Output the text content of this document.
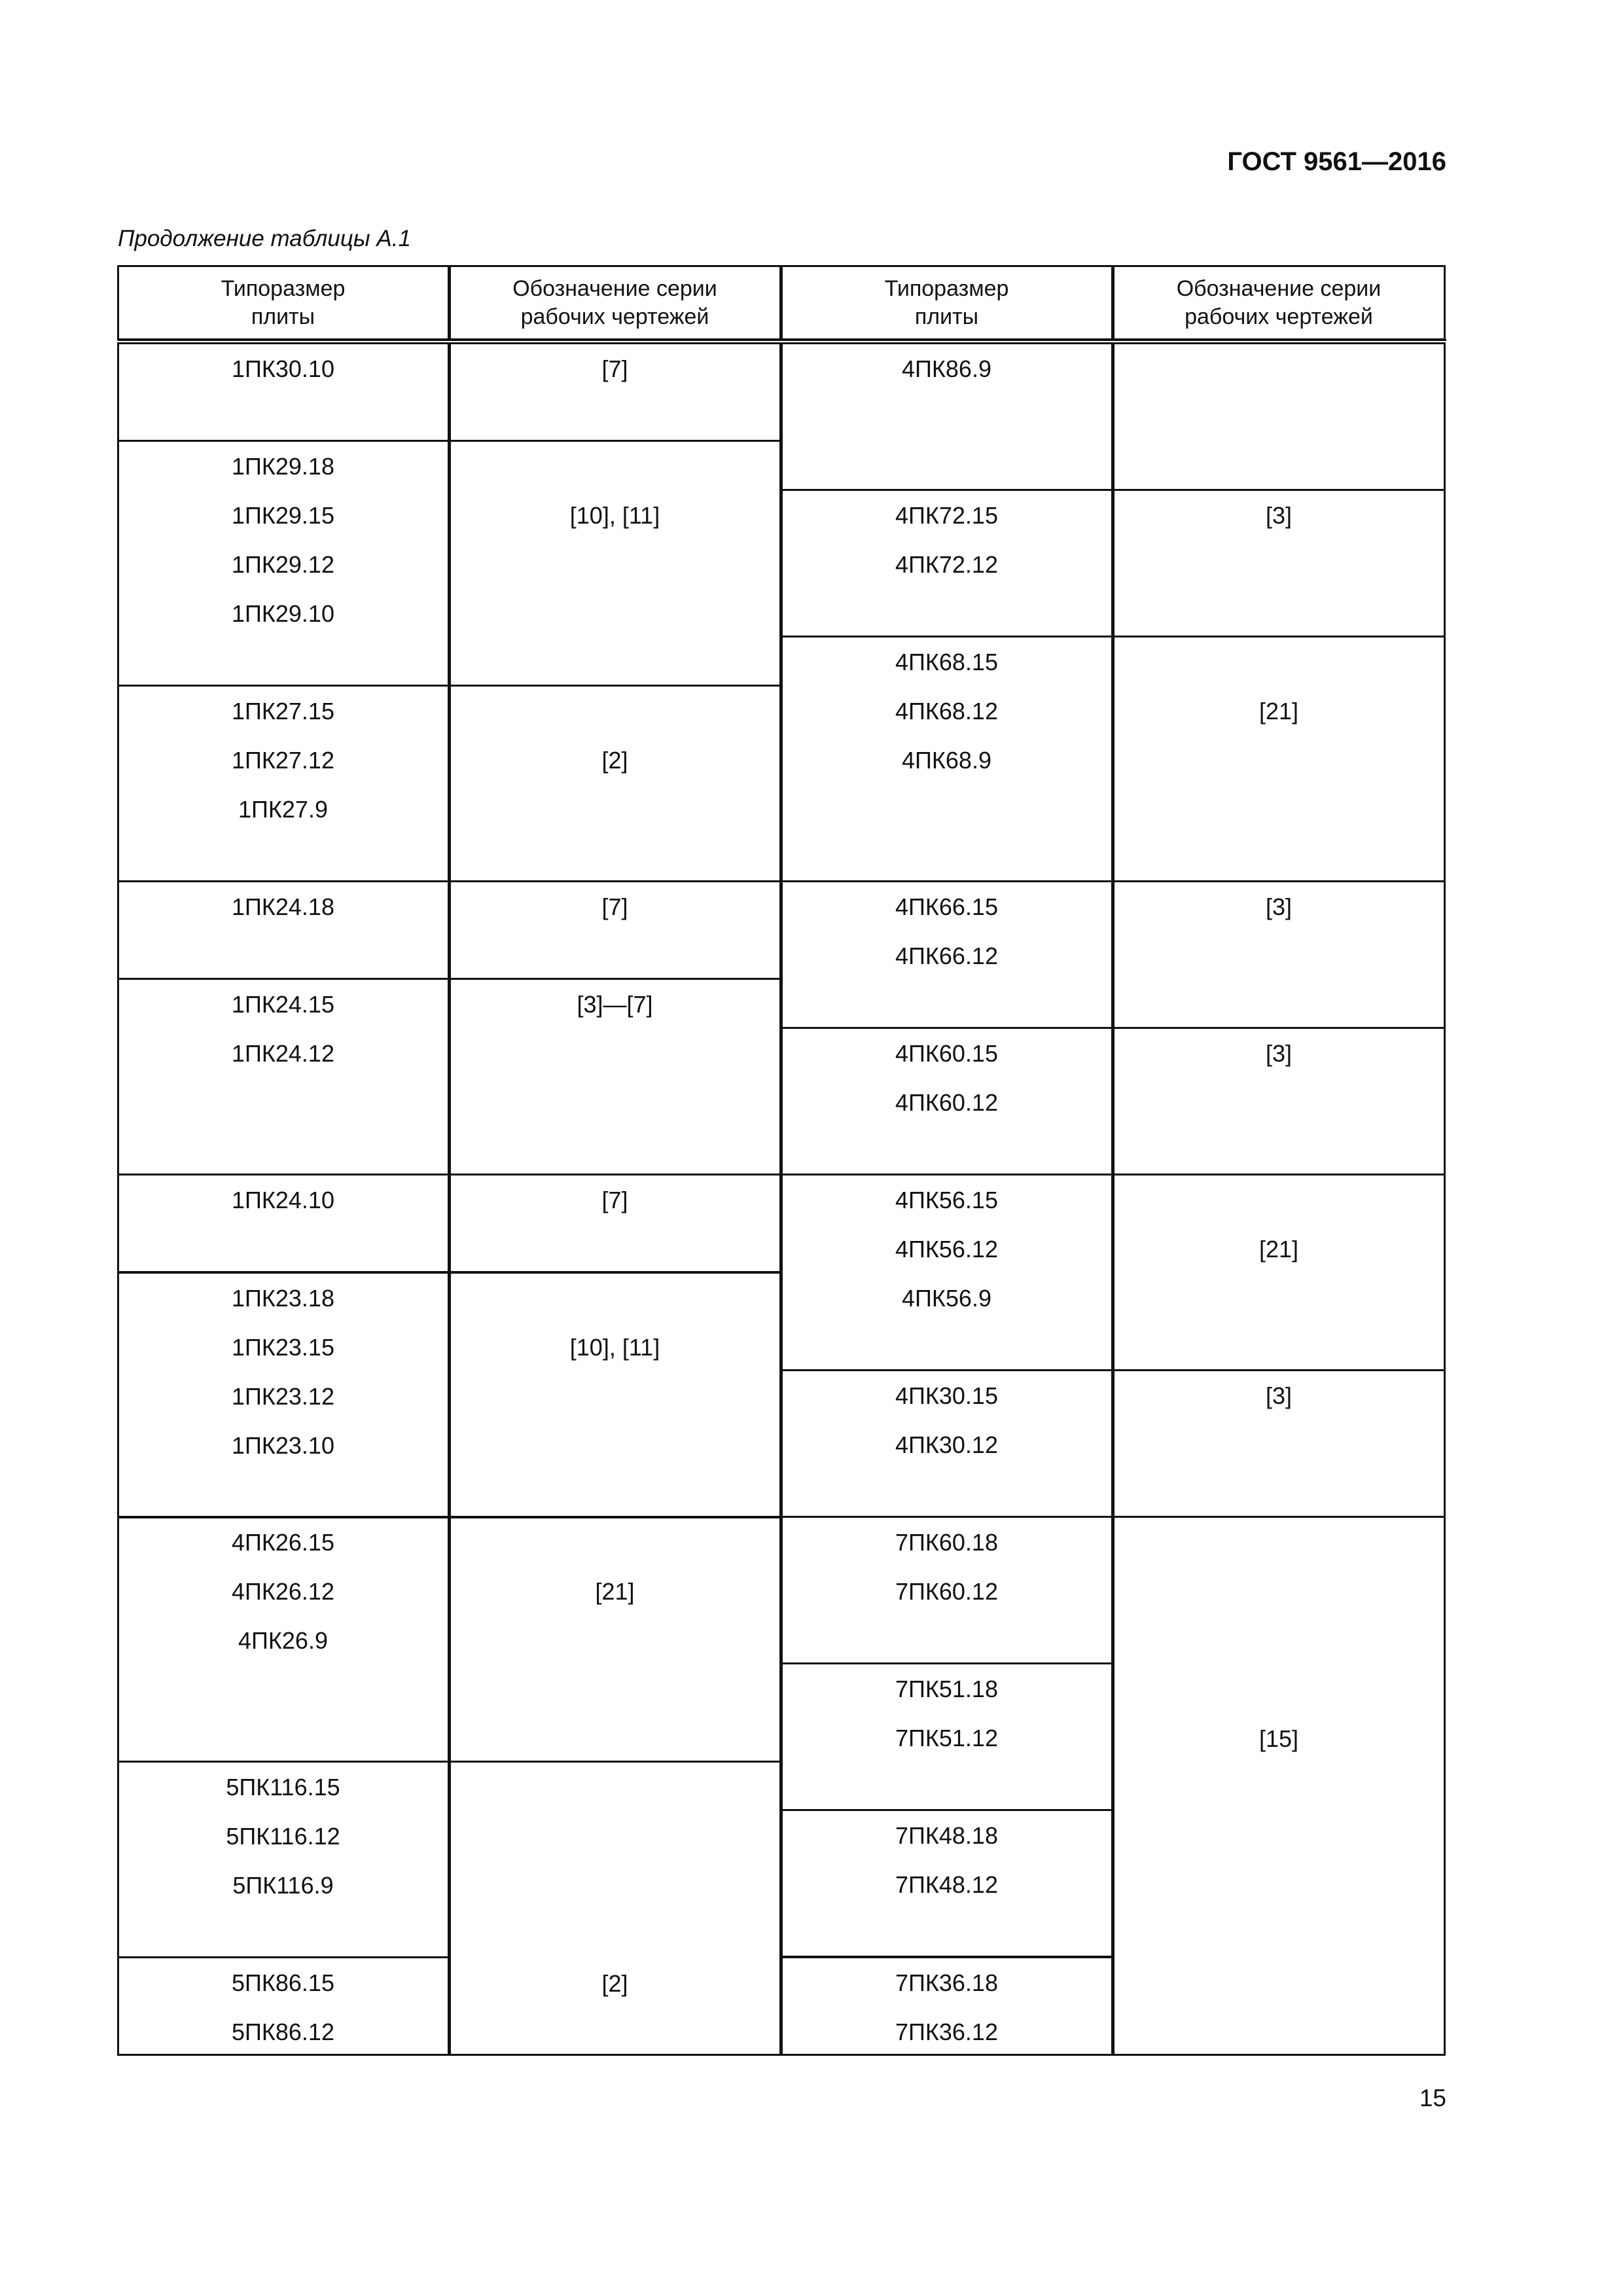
ГОСТ 9561—2016
Продолжение таблицы А.1
Типоразмер
плиты
Обозначение серии
рабочих чертежей
Типоразмер
плиты
Обозначение серии
рабочих чертежей
1ПК30.10
1ПК29.18
1ПК29.15
1ПК29.12
1ПК29.10
1ПК27.15
1ПК27.12
1ПК27.9
1ПК24.18
1ПК24.15
1ПК24.12
1ПК24.10
1ПК23.18
1ПК23.15
1ПК23.12
1ПК23.10
4ПК26.15
4ПК26.12
4ПК26.9
5ПК116.15
5ПК116.12
5ПК116.9
5ПК86.15
5ПК86.12
[7]
[10], [11]
[2]
[7]
[3]—[7]
[7]
[10], [11]
[21]
[2]
4ПК86.9
4ПК72.15
4ПК72.12
4ПК68.15
4ПК68.12
4ПК68.9
4ПК66.15
4ПК66.12
4ПК60.15
4ПК60.12
4ПК56.15
4ПК56.12
4ПК56.9
4ПК30.15
4ПК30.12
7ПК60.18
7ПК60.12
7ПК51.18
7ПК51.12
7ПК48.18
7ПК48.12
7ПК36.18
7ПК36.12
[3]
[21]
[3]
[3]
[21]
[3]
[15]
15
